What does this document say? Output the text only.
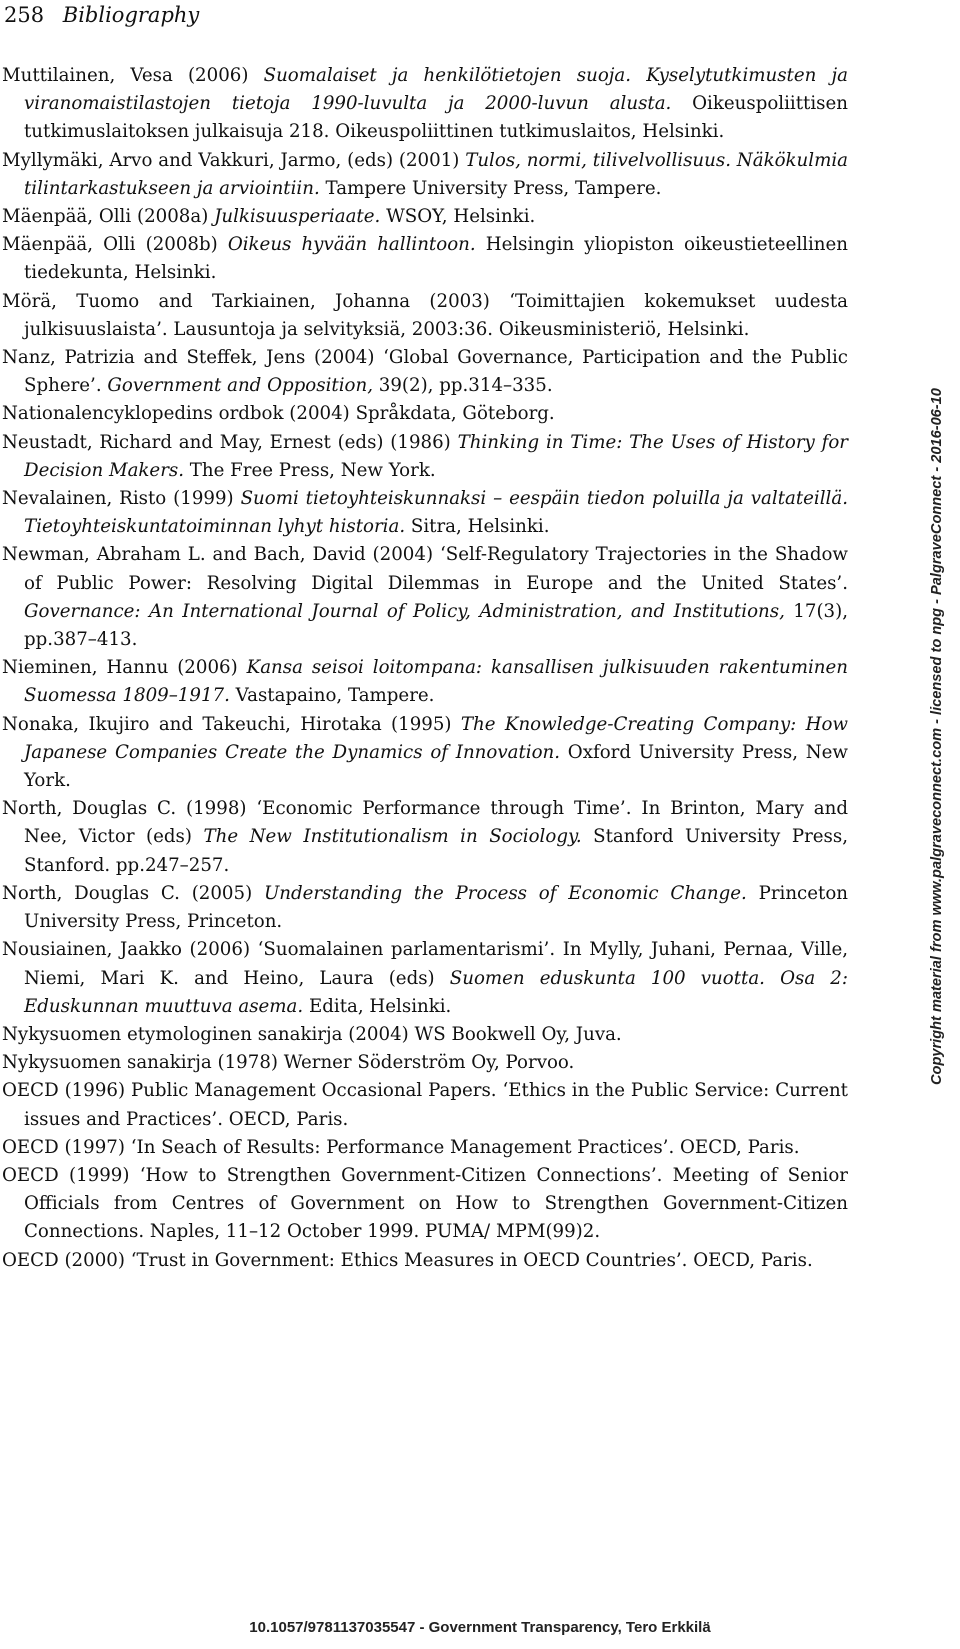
258 Bibliography
Muttilainen, Vesa (2006) Suomalaiset ja henkilötietojen suoja. Kyselytutkimusten ja viranomaistilastojen tietoja 1990-luvulta ja 2000-luvun alusta. Oikeuspoliittisen tutkimuslaitoksen julkaisuja 218. Oikeuspoliittinen tutkimuslaitos, Helsinki.
Myllymäki, Arvo and Vakkuri, Jarmo, (eds) (2001) Tulos, normi, tilivelvollisuus. Näkökulmia tilintarkastukseen ja arviointiin. Tampere University Press, Tampere.
Mäenpää, Olli (2008a) Julkisuusperiaate. WSOY, Helsinki.
Mäenpää, Olli (2008b) Oikeus hyvään hallintoon. Helsingin yliopiston oikeustieteellinen tiedekunta, Helsinki.
Mörä, Tuomo and Tarkiainen, Johanna (2003) ‘Toimittajien kokemukset uudesta julkisuuslaista’. Lausuntoja ja selvityksiä, 2003:36. Oikeusministeriö, Helsinki.
Nanz, Patrizia and Steffek, Jens (2004) ‘Global Governance, Participation and the Public Sphere’. Government and Opposition, 39(2), pp.314–335.
Nationalencyklopedins ordbok (2004) Språkdata, Göteborg.
Neustadt, Richard and May, Ernest (eds) (1986) Thinking in Time: The Uses of History for Decision Makers. The Free Press, New York.
Nevalainen, Risto (1999) Suomi tietoyhteiskunnaksi – eespäin tiedon poluilla ja valtateillä. Tietoyhteiskuntatoiminnan lyhyt historia. Sitra, Helsinki.
Newman, Abraham L. and Bach, David (2004) ‘Self-Regulatory Trajectories in the Shadow of Public Power: Resolving Digital Dilemmas in Europe and the United States’. Governance: An International Journal of Policy, Administration, and Institutions, 17(3), pp.387–413.
Nieminen, Hannu (2006) Kansa seisoi loitompana: kansallisen julkisuuden rakentuminen Suomessa 1809–1917. Vastapaino, Tampere.
Nonaka, Ikujiro and Takeuchi, Hirotaka (1995) The Knowledge-Creating Company: How Japanese Companies Create the Dynamics of Innovation. Oxford University Press, New York.
North, Douglas C. (1998) ‘Economic Performance through Time’. In Brinton, Mary and Nee, Victor (eds) The New Institutionalism in Sociology. Stanford University Press, Stanford. pp.247–257.
North, Douglas C. (2005) Understanding the Process of Economic Change. Princeton University Press, Princeton.
Nousiainen, Jaakko (2006) ‘Suomalainen parlamentarismi’. In Mylly, Juhani, Pernaa, Ville, Niemi, Mari K. and Heino, Laura (eds) Suomen eduskunta 100 vuotta. Osa 2: Eduskunnan muuttuva asema. Edita, Helsinki.
Nykysuomen etymologinen sanakirja (2004) WS Bookwell Oy, Juva.
Nykysuomen sanakirja (1978) Werner Söderström Oy, Porvoo.
OECD (1996) Public Management Occasional Papers. ‘Ethics in the Public Service: Current issues and Practices’. OECD, Paris.
OECD (1997) ‘In Seach of Results: Performance Management Practices’. OECD, Paris.
OECD (1999) ‘How to Strengthen Government-Citizen Connections’. Meeting of Senior Officials from Centres of Government on How to Strengthen Government-Citizen Connections. Naples, 11–12 October 1999. PUMA/ MPM(99)2.
OECD (2000) ‘Trust in Government: Ethics Measures in OECD Countries’. OECD, Paris.
Copyright material from www.palgraveconnect.com - licensed to npg - PalgraveConnect - 2016-06-10
10.1057/9781137035547 - Government Transparency, Tero Erkkilä
